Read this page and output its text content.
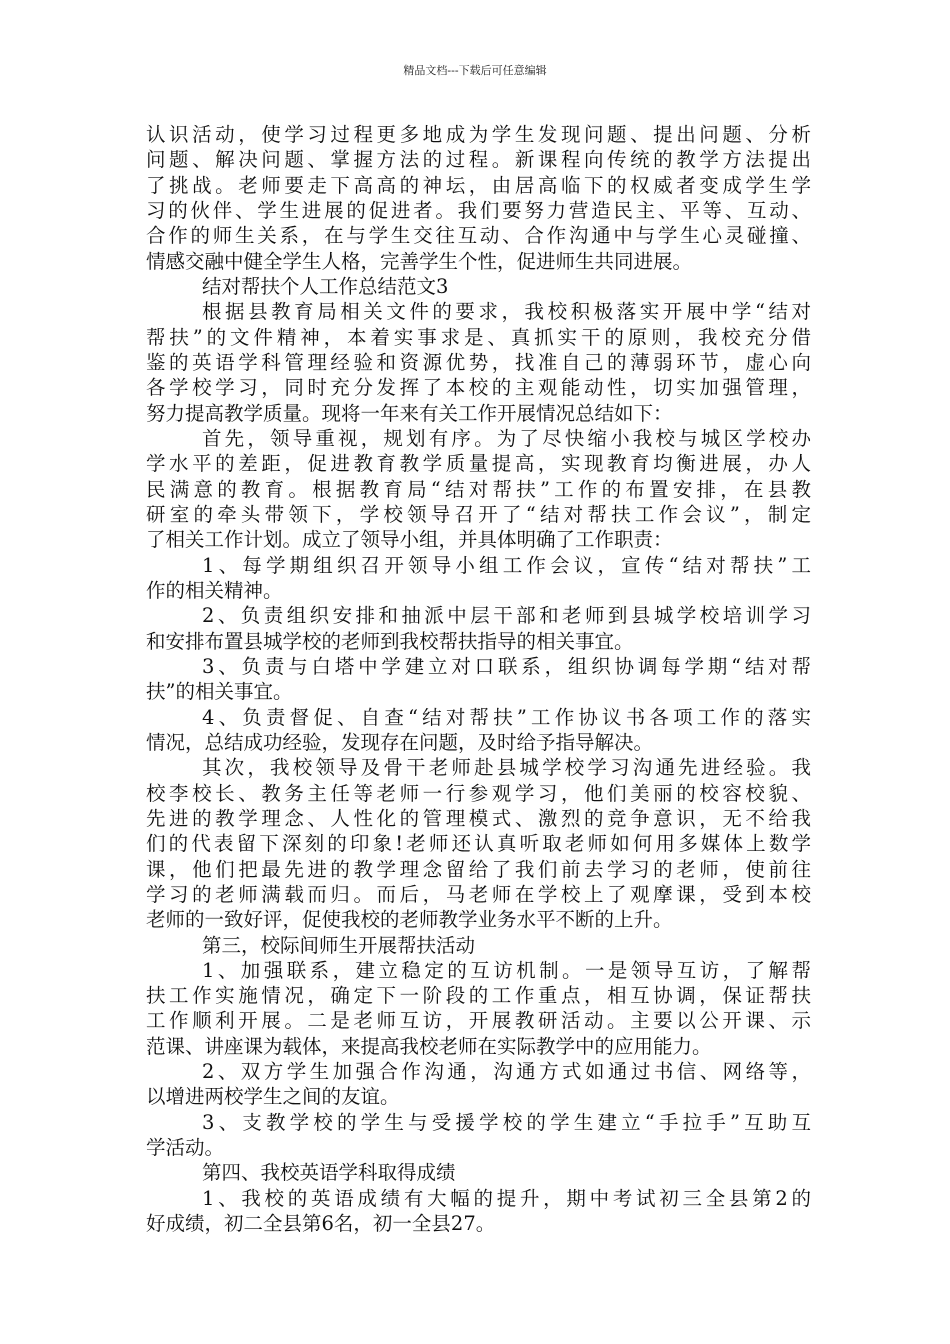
精品文档---下载后可任意编辑
认识活动，使学习过程更多地成为学生发现问题、提出问题、分析
问题、解决问题、掌握方法的过程。新课程向传统的教学方法提出
了挑战。老师要走下高高的神坛，由居高临下的权威者变成学生学
习的伙伴、学生进展的促进者。我们要努力营造民主、平等、互动、
合作的师生关系，在与学生交往互动、合作沟通中与学生心灵碰撞、
情感交融中健全学生人格，完善学生个性，促进师生共同进展。
结对帮扶个人工作总结范文3
根据县教育局相关文件的要求，我校积极落实开展中学“结对
帮扶”的文件精神，本着实事求是、真抓实干的原则，我校充分借
鉴的英语学科管理经验和资源优势，找准自己的薄弱环节，虚心向
各学校学习，同时充分发挥了本校的主观能动性，切实加强管理，
努力提高教学质量。现将一年来有关工作开展情况总结如下：
首先，领导重视，规划有序。为了尽快缩小我校与城区学校办
学水平的差距，促进教育教学质量提高，实现教育均衡进展，办人
民满意的教育。根据教育局“结对帮扶”工作的布置安排，在县教
研室的牵头带领下，学校领导召开了“结对帮扶工作会议”，制定
了相关工作计划。成立了领导小组，并具体明确了工作职责：
1、每学期组织召开领导小组工作会议，宣传“结对帮扶”工
作的相关精神。
2、负责组织安排和抽派中层干部和老师到县城学校培训学习
和安排布置县城学校的老师到我校帮扶指导的相关事宜。
3、负责与白塔中学建立对口联系，组织协调每学期“结对帮
扶”的相关事宜。
4、负责督促、自查“结对帮扶”工作协议书各项工作的落实
情况，总结成功经验，发现存在问题，及时给予指导解决。
其次，我校领导及骨干老师赴县城学校学习沟通先进经验。我
校李校长、教务主任等老师一行参观学习，他们美丽的校容校貌、
先进的教学理念、人性化的管理模式、激烈的竞争意识，无不给我
们的代表留下深刻的印象!老师还认真听取老师如何用多媒体上数学
课，他们把最先进的教学理念留给了我们前去学习的老师，使前往
学习的老师满载而归。而后，马老师在学校上了观摩课，受到本校
老师的一致好评，促使我校的老师教学业务水平不断的上升。
第三，校际间师生开展帮扶活动
1、加强联系，建立稳定的互访机制。一是领导互访，了解帮
扶工作实施情况，确定下一阶段的工作重点，相互协调，保证帮扶
工作顺利开展。二是老师互访，开展教研活动。主要以公开课、示
范课、讲座课为载体，来提高我校老师在实际教学中的应用能力。
2、双方学生加强合作沟通，沟通方式如通过书信、网络等，
以增进两校学生之间的友谊。
3、支教学校的学生与受援学校的学生建立“手拉手”互助互
学活动。
第四、我校英语学科取得成绩
1、我校的英语成绩有大幅的提升，期中考试初三全县第2的
好成绩，初二全县第6名，初一全县27。
